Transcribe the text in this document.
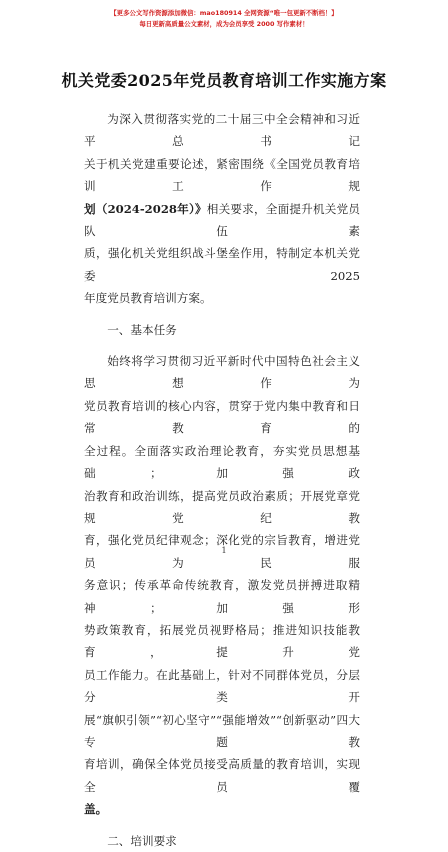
【更多公文写作资源添加微信：mao180914 全网资源“唯一包更新不断档！】
每日更新高质量公文素材，成为会员享受 2000 写作素材！
机关党委2025年党员教育培训工作实施方案

为深入贯彻落实党的二十届三中全会精神和习近平总书记

关于机关党建重要论述，紧密围绕《全国党员教育培训工作规

划（2024-2028年）》相关要求，全面提升机关党员队伍素

质，强化机关党组织战斗堡垒作用，特制定本机关党委2025

年度党员教育培训方案。

一、基本任务

始终将学习贯彻习近平新时代中国特色社会主义思想作为

党员教育培训的核心内容，贯穿于党内集中教育和日常教育的

全过程。全面落实政治理论教育，夯实党员思想基础；加强政

治教育和政治训练，提高党员政治素质；开展党章党规党纪教

育，强化党员纪律观念；深化党的宗旨教育，增进党员为民服

务意识；传承革命传统教育，激发党员拼搏进取精神；加强形

势政策教育，拓展党员视野格局；推进知识技能教育，提升党

员工作能力。在此基础上，针对不同群体党员，分层分类开

展“旗帜引领”“初心坚守”“强能增效”“创新驱动”四大专题教

育培训，确保全体党员接受高质量的教育培训，实现全员覆

盖。

二、培训要求

1
